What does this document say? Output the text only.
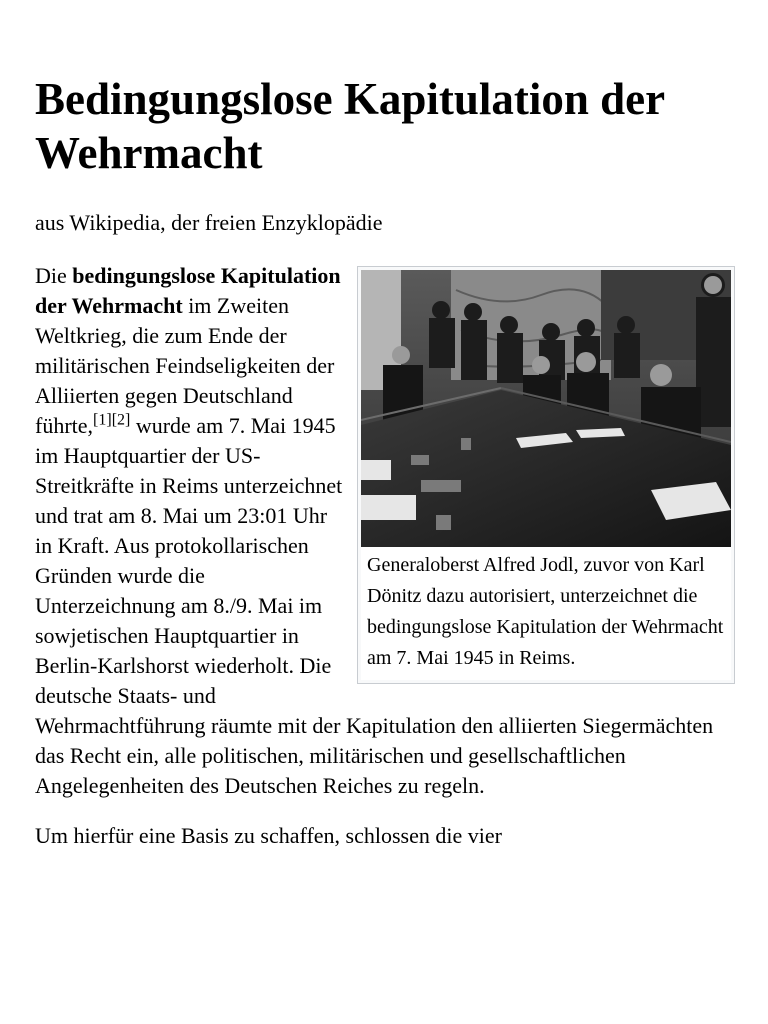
Bedingungslose Kapitulation der Wehrmacht

aus Wikipedia, der freien Enzyklopädie

Generaloberst Alfred Jodl, zuvor von Karl Dönitz dazu autorisiert, unterzeichnet die bedingungslose Kapitulation der Wehrmacht am 7. Mai 1945 in Reims.

Die bedingungslose Kapitulation der Wehrmacht im Zweiten Weltkrieg, die zum Ende der militärischen Feindseligkeiten der Alliierten gegen Deutschland führte,[1][2] wurde am 7. Mai 1945 im Hauptquartier der US-Streitkräfte in Reims unterzeichnet und trat am 8. Mai um 23:01 Uhr in Kraft. Aus protokollarischen Gründen wurde die Unterzeichnung am 8./9. Mai im sowjetischen Hauptquartier in Berlin-Karlshorst wiederholt. Die deutsche Staats- und Wehrmachtführung räumte mit der Kapitulation den alliierten Siegermächten das Recht ein, alle politischen, militärischen und gesellschaftlichen Angelegenheiten des Deutschen Reiches zu regeln.

Um hierfür eine Basis zu schaffen, schlossen die vier
